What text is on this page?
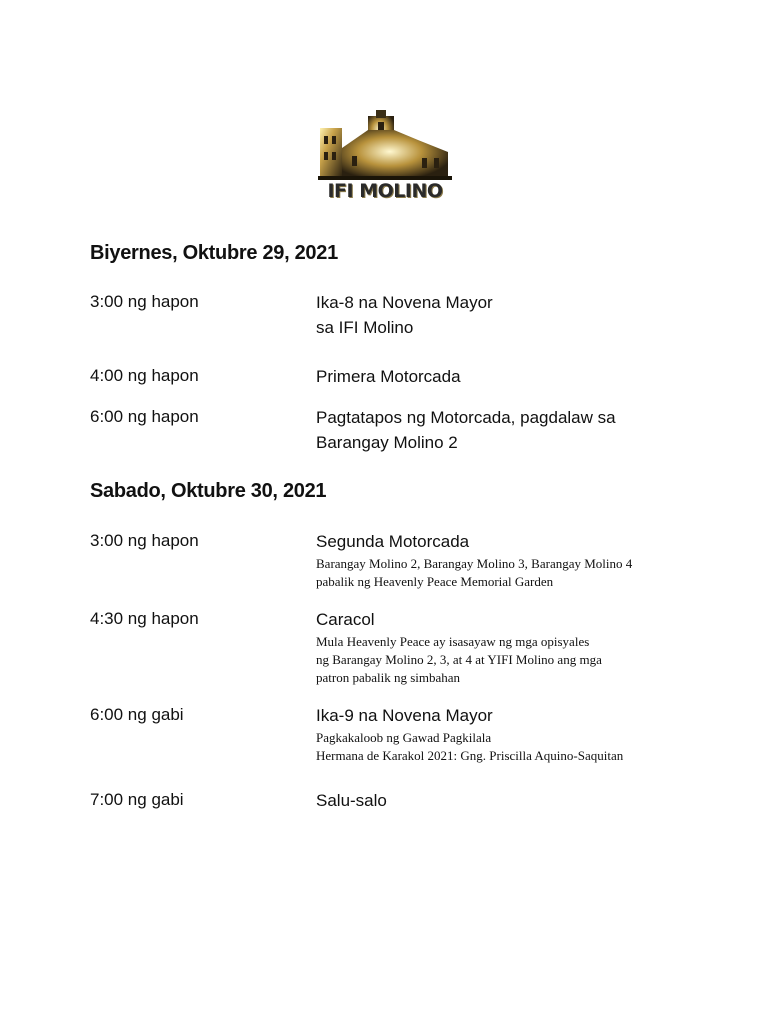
IFI MOLINO
Biyernes, Oktubre 29, 2021
3:00 ng hapon	Ika-8 na Novena Mayor
sa IFI Molino
4:00 ng hapon	Primera Motorcada
6:00 ng hapon	Pagtatapos ng Motorcada, pagdalaw sa
Barangay Molino 2
Sabado, Oktubre 30, 2021
3:00 ng hapon	Segunda Motorcada
Barangay Molino 2, Barangay Molino 3, Barangay Molino 4
pabalik ng Heavenly Peace Memorial Garden
4:30 ng hapon	Caracol
Mula Heavenly Peace ay isasayaw ng mga opisyales
ng Barangay Molino 2, 3, at 4 at YIFI Molino ang mga
patron pabalik ng simbahan
6:00 ng gabi	Ika-9 na Novena Mayor
Pagkakaloob ng Gawad Pagkilala
Hermana de Karakol 2021: Gng. Priscilla Aquino-Saquitan
7:00 ng gabi	Salu-salo
